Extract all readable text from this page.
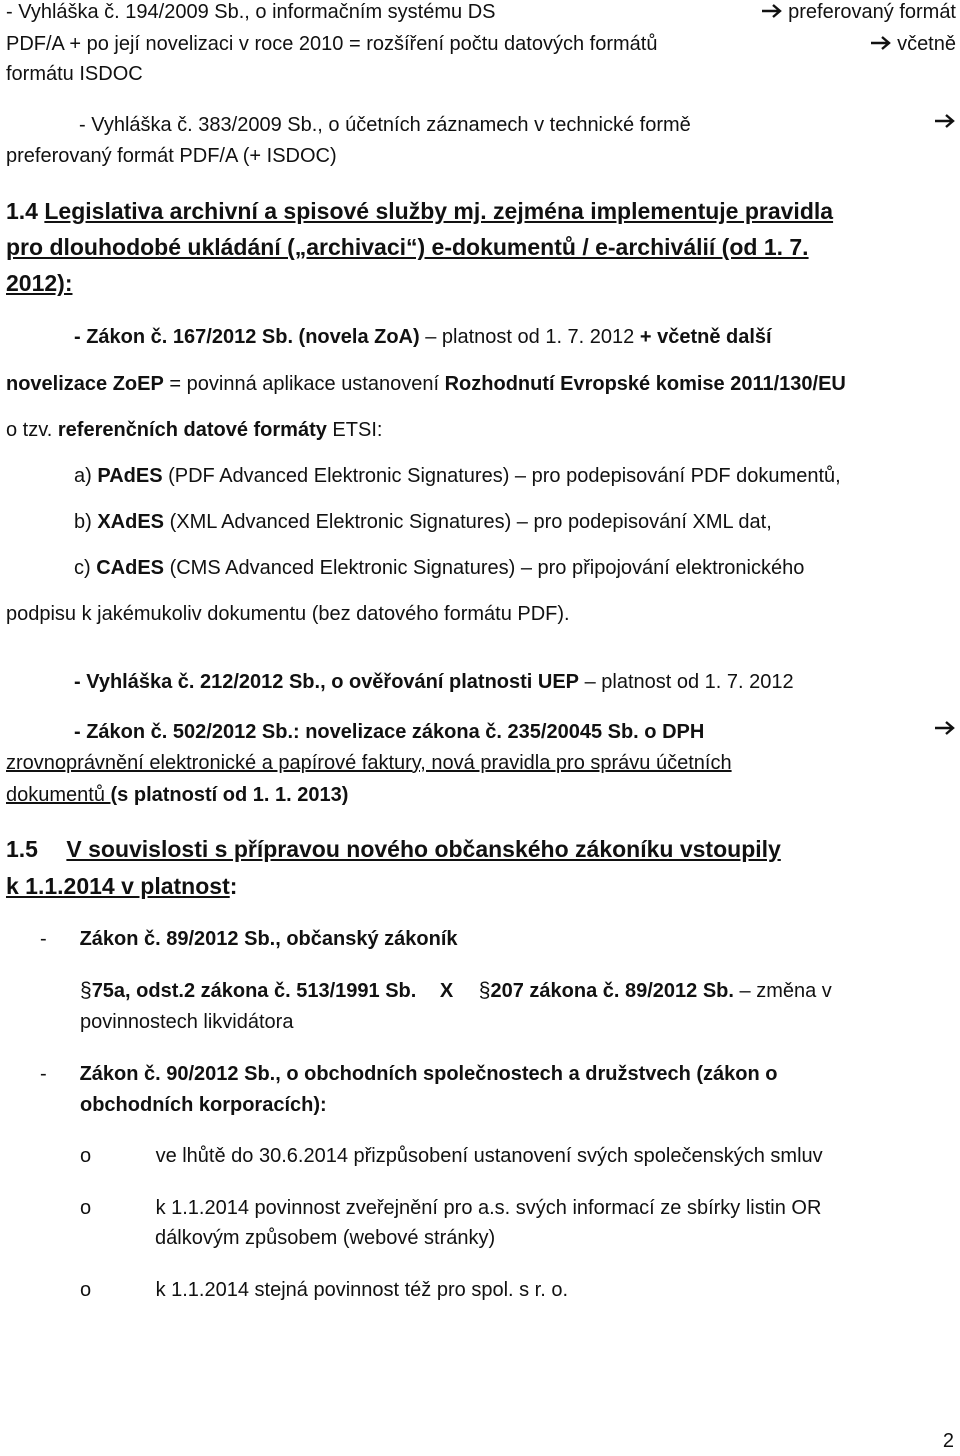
- Vyhláška č. 194/2009 Sb., o informačním systému DS	preferovaný formát
PDF/A + po její novelizaci v roce 2010 = rozšíření počtu datových formátů	včetně
formátu ISDOC
- Vyhláška č. 383/2009 Sb., o účetních záznamech v technické formě
preferovaný formát PDF/A (+ ISDOC)
1.4 Legislativa archivní a spisové služby mj. zejména implementuje pravidla
pro dlouhodobé ukládání („archivaci“) e-dokumentů / e-archiválií (od 1. 7.
2012):
- Zákon č. 167/2012 Sb. (novela ZoA) – platnost od 1. 7. 2012 + včetně další
novelizace ZoEP = povinná aplikace ustanovení Rozhodnutí Evropské komise 2011/130/EU
o tzv. referenčních datové formáty ETSI:
a) PAdES (PDF Advanced Elektronic Signatures) – pro podepisování PDF dokumentů,
b) XAdES (XML Advanced Elektronic Signatures) – pro podepisování XML dat,
c) CAdES (CMS Advanced Elektronic Signatures) – pro připojování elektronického
podpisu k jakémukoliv dokumentu (bez datového formátu PDF).
- Vyhláška č. 212/2012 Sb., o ověřování platnosti UEP – platnost od 1. 7. 2012
- Zákon č. 502/2012 Sb.: novelizace zákona č. 235/20045 Sb. o DPH
zrovnoprávnění elektronické a papírové faktury, nová pravidla pro správu účetních
dokumentů (s platností od 1. 1. 2013)
1.5 V souvislosti s přípravou nového občanského zákoníku vstoupily
k 1.1.2014 v platnost:
- Zákon č. 89/2012 Sb., občanský zákoník
§75a, odst.2 zákona č. 513/1991 Sb. X §207 zákona č. 89/2012 Sb. – změna v
povinnostech likvidátora
- Zákon č. 90/2012 Sb., o obchodních společnostech a družstvech (zákon o
obchodních korporacích):
o	ve lhůtě do 30.6.2014 přizpůsobení ustanovení svých společenských smluv
o	k 1.1.2014 povinnost zveřejnění pro a.s. svých informací ze sbírky listin OR
dálkovým způsobem (webové stránky)
o	k 1.1.2014 stejná povinnost též pro spol. s r. o.
2
